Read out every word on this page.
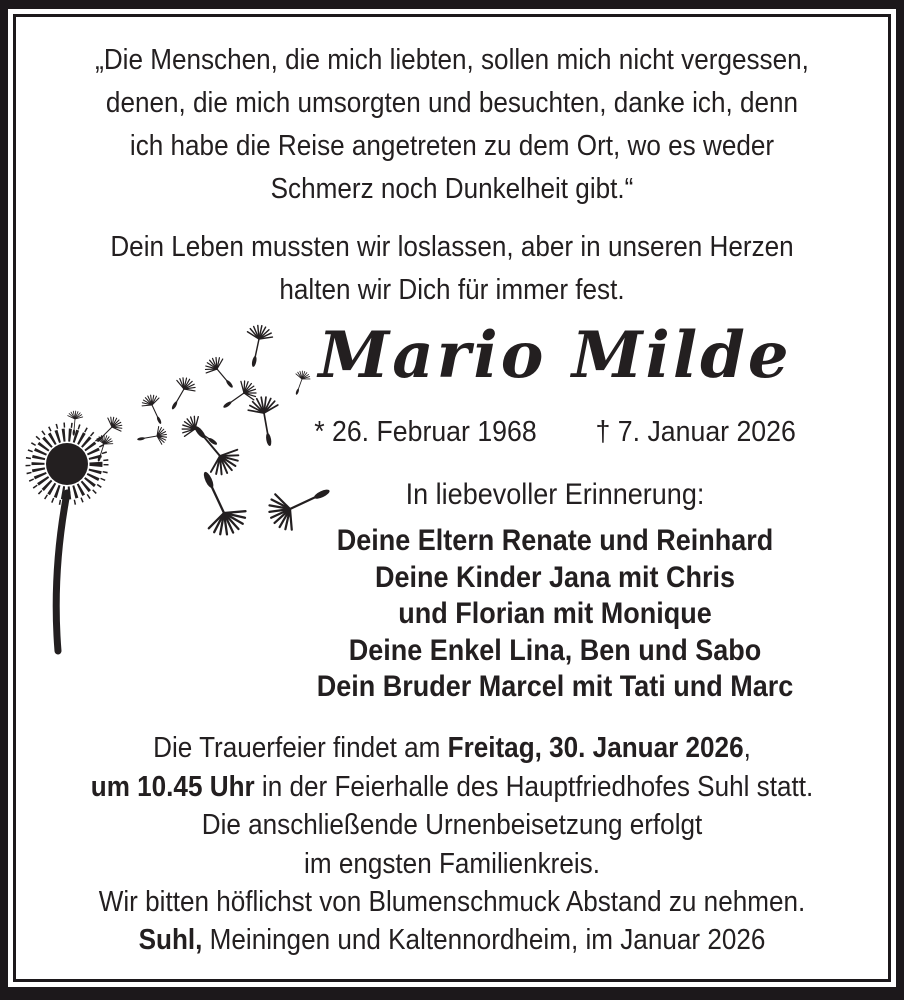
„Die Menschen, die mich liebten, sollen mich nicht vergessen,
denen, die mich umsorgten und besuchten, danke ich, denn
ich habe die Reise angetreten zu dem Ort, wo es weder
Schmerz noch Dunkelheit gibt.“
Dein Leben mussten wir loslassen, aber in unseren Herzen
halten wir Dich für immer fest.
Mario Milde
* 26. Februar 1968 † 7. Januar 2026
In liebevoller Erinnerung:
Deine Eltern Renate und Reinhard
Deine Kinder Jana mit Chris
und Florian mit Monique
Deine Enkel Lina, Ben und Sabo
Dein Bruder Marcel mit Tati und Marc
Die Trauerfeier findet am Freitag, 30. Januar 2026,
um 10.45 Uhr in der Feierhalle des Hauptfriedhofes Suhl statt.
Die anschließende Urnenbeisetzung erfolgt
im engsten Familienkreis.
Wir bitten höflichst von Blumenschmuck Abstand zu nehmen.
Suhl, Meiningen und Kaltennordheim, im Januar 2026
